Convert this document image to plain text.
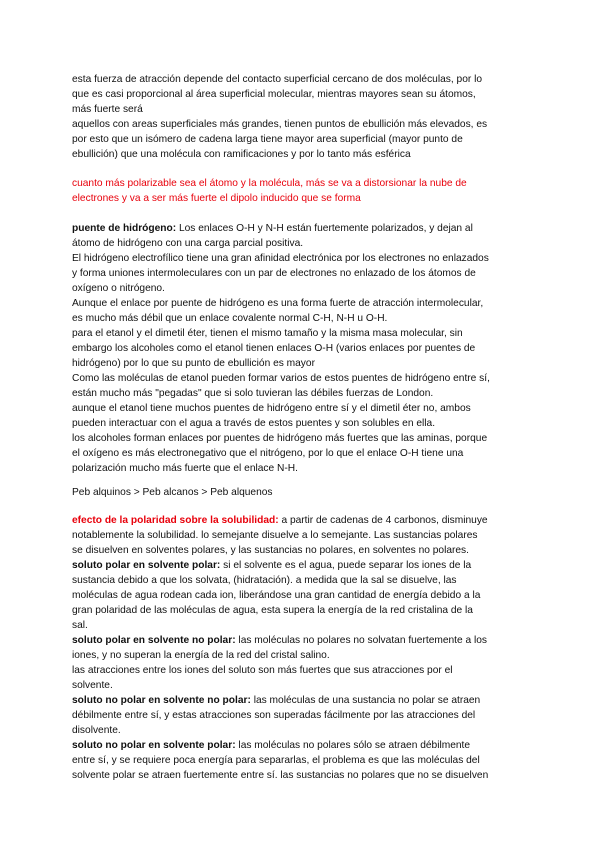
esta fuerza de atracción depende del contacto superficial cercano de dos moléculas, por lo

que es casi proporcional al área superficial molecular, mientras mayores sean su átomos,

más fuerte será

aquellos con areas superficiales más grandes, tienen puntos de ebullición más elevados, es

por esto que un isómero de cadena larga tiene mayor area superficial (mayor punto de

ebullición) que una molécula con ramificaciones y por lo tanto más esférica

cuanto más polarizable sea el átomo y la molécula, más se va a distorsionar la nube de

electrones y va a ser más fuerte el dipolo inducido que se forma

puente de hidrógeno: Los enlaces O-H y N-H están fuertemente polarizados, y dejan al

átomo de hidrógeno con una carga parcial positiva.

El hidrógeno electrofílico tiene una gran afinidad electrónica por los electrones no enlazados

y forma uniones intermoleculares con un par de electrones no enlazado de los átomos de

oxígeno o nitrógeno.

Aunque el enlace por puente de hidrógeno es una forma fuerte de atracción intermolecular,

es mucho más débil que un enlace covalente normal C-H, N-H u O-H.

para el etanol y el dimetil éter, tienen el mismo tamaño y la misma masa molecular, sin

embargo los alcoholes como el etanol tienen enlaces O-H (varios enlaces por puentes de

hidrógeno) por lo que su punto de ebullición es mayor

Como las moléculas de etanol pueden formar varios de estos puentes de hidrógeno entre sí,

están mucho más "pegadas" que si solo tuvieran las débiles fuerzas de London.

aunque el etanol tiene muchos puentes de hidrógeno entre sí y el dimetil éter no, ambos

pueden interactuar con el agua a través de estos puentes y son solubles en ella.

los alcoholes forman enlaces por puentes de hidrógeno más fuertes que las aminas, porque

el oxígeno es más electronegativo que el nitrógeno, por lo que el enlace O-H tiene una

polarización mucho más fuerte que el enlace N-H.

Peb alquinos > Peb alcanos > Peb alquenos

efecto de la polaridad sobre la solubilidad: a partir de cadenas de 4 carbonos, disminuye

notablemente la solubilidad. lo semejante disuelve a lo semejante. Las sustancias polares

se disuelven en solventes polares, y las sustancias no polares, en solventes no polares.

soluto polar en solvente polar: si el solvente es el agua, puede separar los iones de la

sustancia debido a que los solvata, (hidratación). a medida que la sal se disuelve, las

moléculas de agua rodean cada ion, liberándose una gran cantidad de energía debido a la

gran polaridad de las moléculas de agua, esta supera la energía de la red cristalina de la

sal.

soluto polar en solvente no polar: las moléculas no polares no solvatan fuertemente a los

iones, y no superan la energía de la red del cristal salino.

las atracciones entre los iones del soluto son más fuertes que sus atracciones por el

solvente.

soluto no polar en solvente no polar: las moléculas de una sustancia no polar se atraen

débilmente entre sí, y estas atracciones son superadas fácilmente por las atracciones del

disolvente.

soluto no polar en solvente polar: las moléculas no polares sólo se atraen débilmente

entre sí, y se requiere poca energía para separarlas, el problema es que las moléculas del

solvente polar se atraen fuertemente entre sí. las sustancias no polares que no se disuelven
